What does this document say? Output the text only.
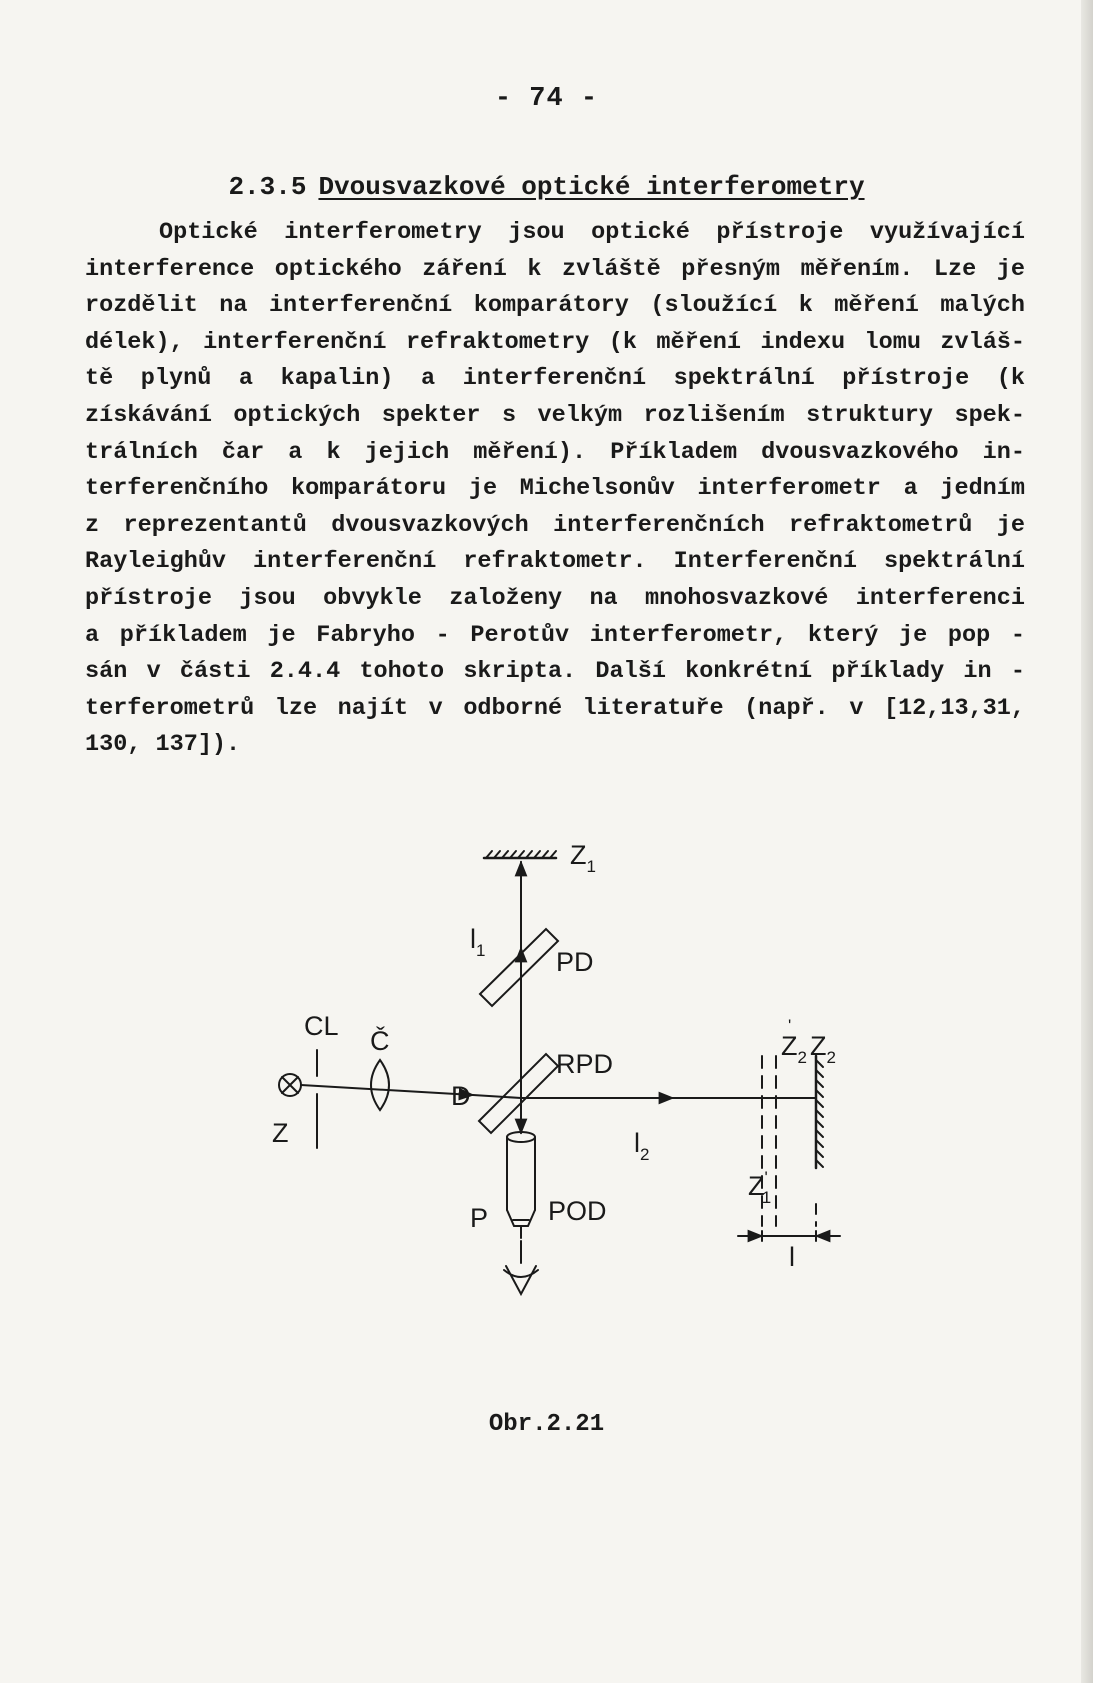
- 74 -
2.3.5 Dvousvazkové optické interferometry
Optické interferometry jsou optické přístroje využívající
interference optického záření k zvláště přesným měřením. Lze je
rozdělit na interferenční komparátory (sloužící k měření malých
délek), interferenční refraktometry (k měření indexu lomu zvláš-
tě plynů a kapalin) a interferenční spektrální přístroje (k
získávání optických spekter s velkým rozlišením struktury spek-
trálních čar a k jejich měření). Příkladem dvousvazkového in-
terferenčního komparátoru je Michelsonův interferometr a jedním
z reprezentantů dvousvazkových interferenčních refraktometrů je
Rayleighův interferenční refraktometr. Interferenční spektrální
přístroje jsou obvykle založeny na mnohosvazkové interferenci
a příkladem je Fabryho - Perotův interferometr, který je pop -
sán v části 2.4.4 tohoto skripta. Další konkrétní příklady in -
terferometrů lze najít v odborné literatuře (např. v [12,13,31,
130, 137]).
$Z_1$
$l_1$	PD
Z
CL Č
D
RPD
$l_2$
$Z_2$
'
$Z_2$
Z' 1
l
P POD
Obr.2.21
